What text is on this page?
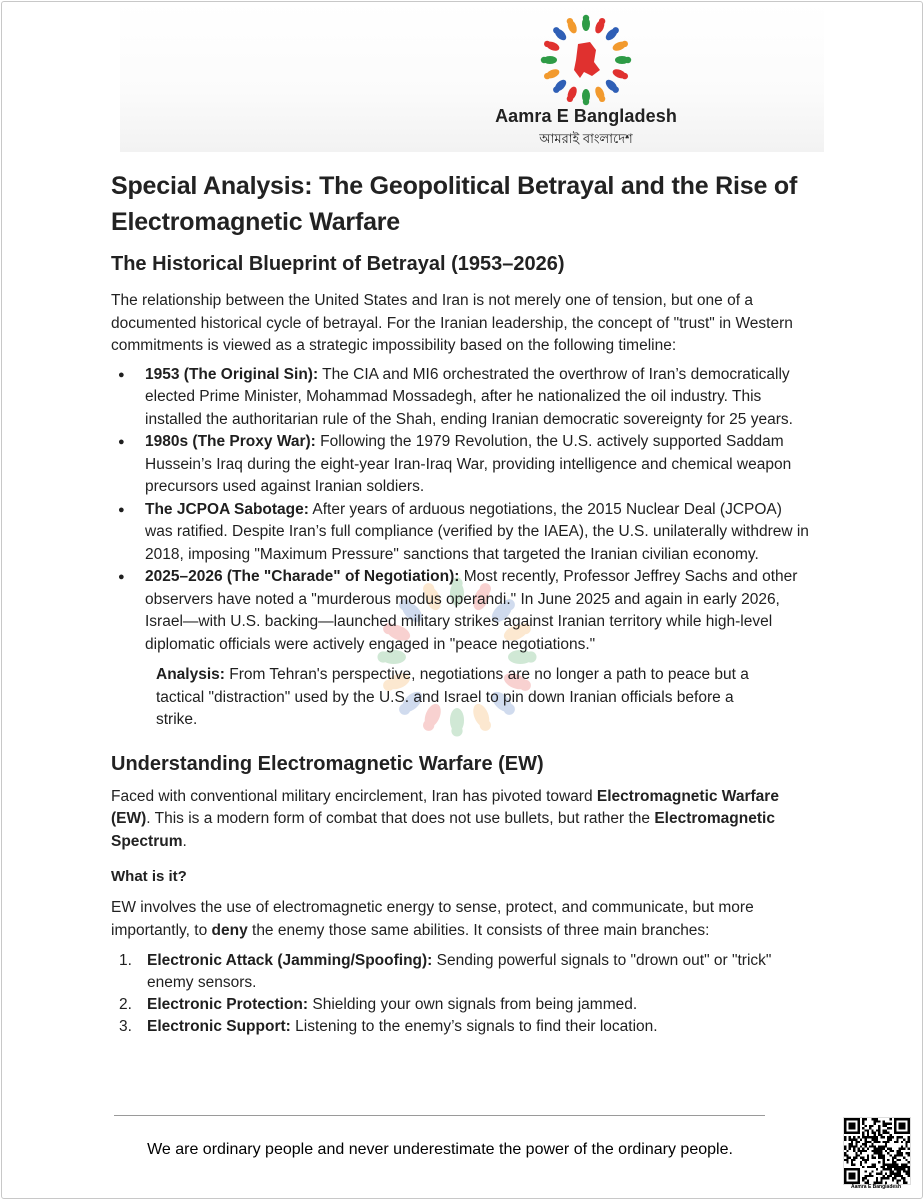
Aamra E Bangladesh
আমরাই বাংলাদেশ
Special Analysis: The Geopolitical Betrayal and the Rise of Electromagnetic Warfare
The Historical Blueprint of Betrayal (1953–2026)

The relationship between the United States and Iran is not merely one of tension, but one of a documented historical cycle of betrayal. For the Iranian leadership, the concept of "trust" in Western commitments is viewed as a strategic impossibility based on the following timeline:

● 1953 (The Original Sin): The CIA and MI6 orchestrated the overthrow of Iran’s democratically elected Prime Minister, Mohammad Mossadegh, after he nationalized the oil industry. This installed the authoritarian rule of the Shah, ending Iranian democratic sovereignty for 25 years.
● 1980s (The Proxy War): Following the 1979 Revolution, the U.S. actively supported Saddam Hussein’s Iraq during the eight-year Iran-Iraq War, providing intelligence and chemical weapon precursors used against Iranian soldiers.
● The JCPOA Sabotage: After years of arduous negotiations, the 2015 Nuclear Deal (JCPOA) was ratified. Despite Iran’s full compliance (verified by the IAEA), the U.S. unilaterally withdrew in 2018, imposing "Maximum Pressure" sanctions that targeted the Iranian civilian economy.
● 2025–2026 (The "Charade" of Negotiation): Most recently, Professor Jeffrey Sachs and other observers have noted a "murderous modus operandi." In June 2025 and again in early 2026, Israel—with U.S. backing—launched military strikes against Iranian territory while high-level diplomatic officials were actively engaged in "peace negotiations."
Analysis: From Tehran's perspective, negotiations are no longer a path to peace but a tactical "distraction" used by the U.S. and Israel to pin down Iranian officials before a strike.
Understanding Electromagnetic Warfare (EW)

Faced with conventional military encirclement, Iran has pivoted toward Electromagnetic Warfare (EW). This is a modern form of combat that does not use bullets, but rather the Electromagnetic Spectrum.

What is it?

EW involves the use of electromagnetic energy to sense, protect, and communicate, but more importantly, to deny the enemy those same abilities. It consists of three main branches:

1. Electronic Attack (Jamming/Spoofing): Sending powerful signals to "drown out" or "trick" enemy sensors.
2. Electronic Protection: Shielding your own signals from being jammed.
3. Electronic Support: Listening to the enemy’s signals to find their location.
We are ordinary people and never underestimate the power of the ordinary people.
Aamra E Bangladesh
